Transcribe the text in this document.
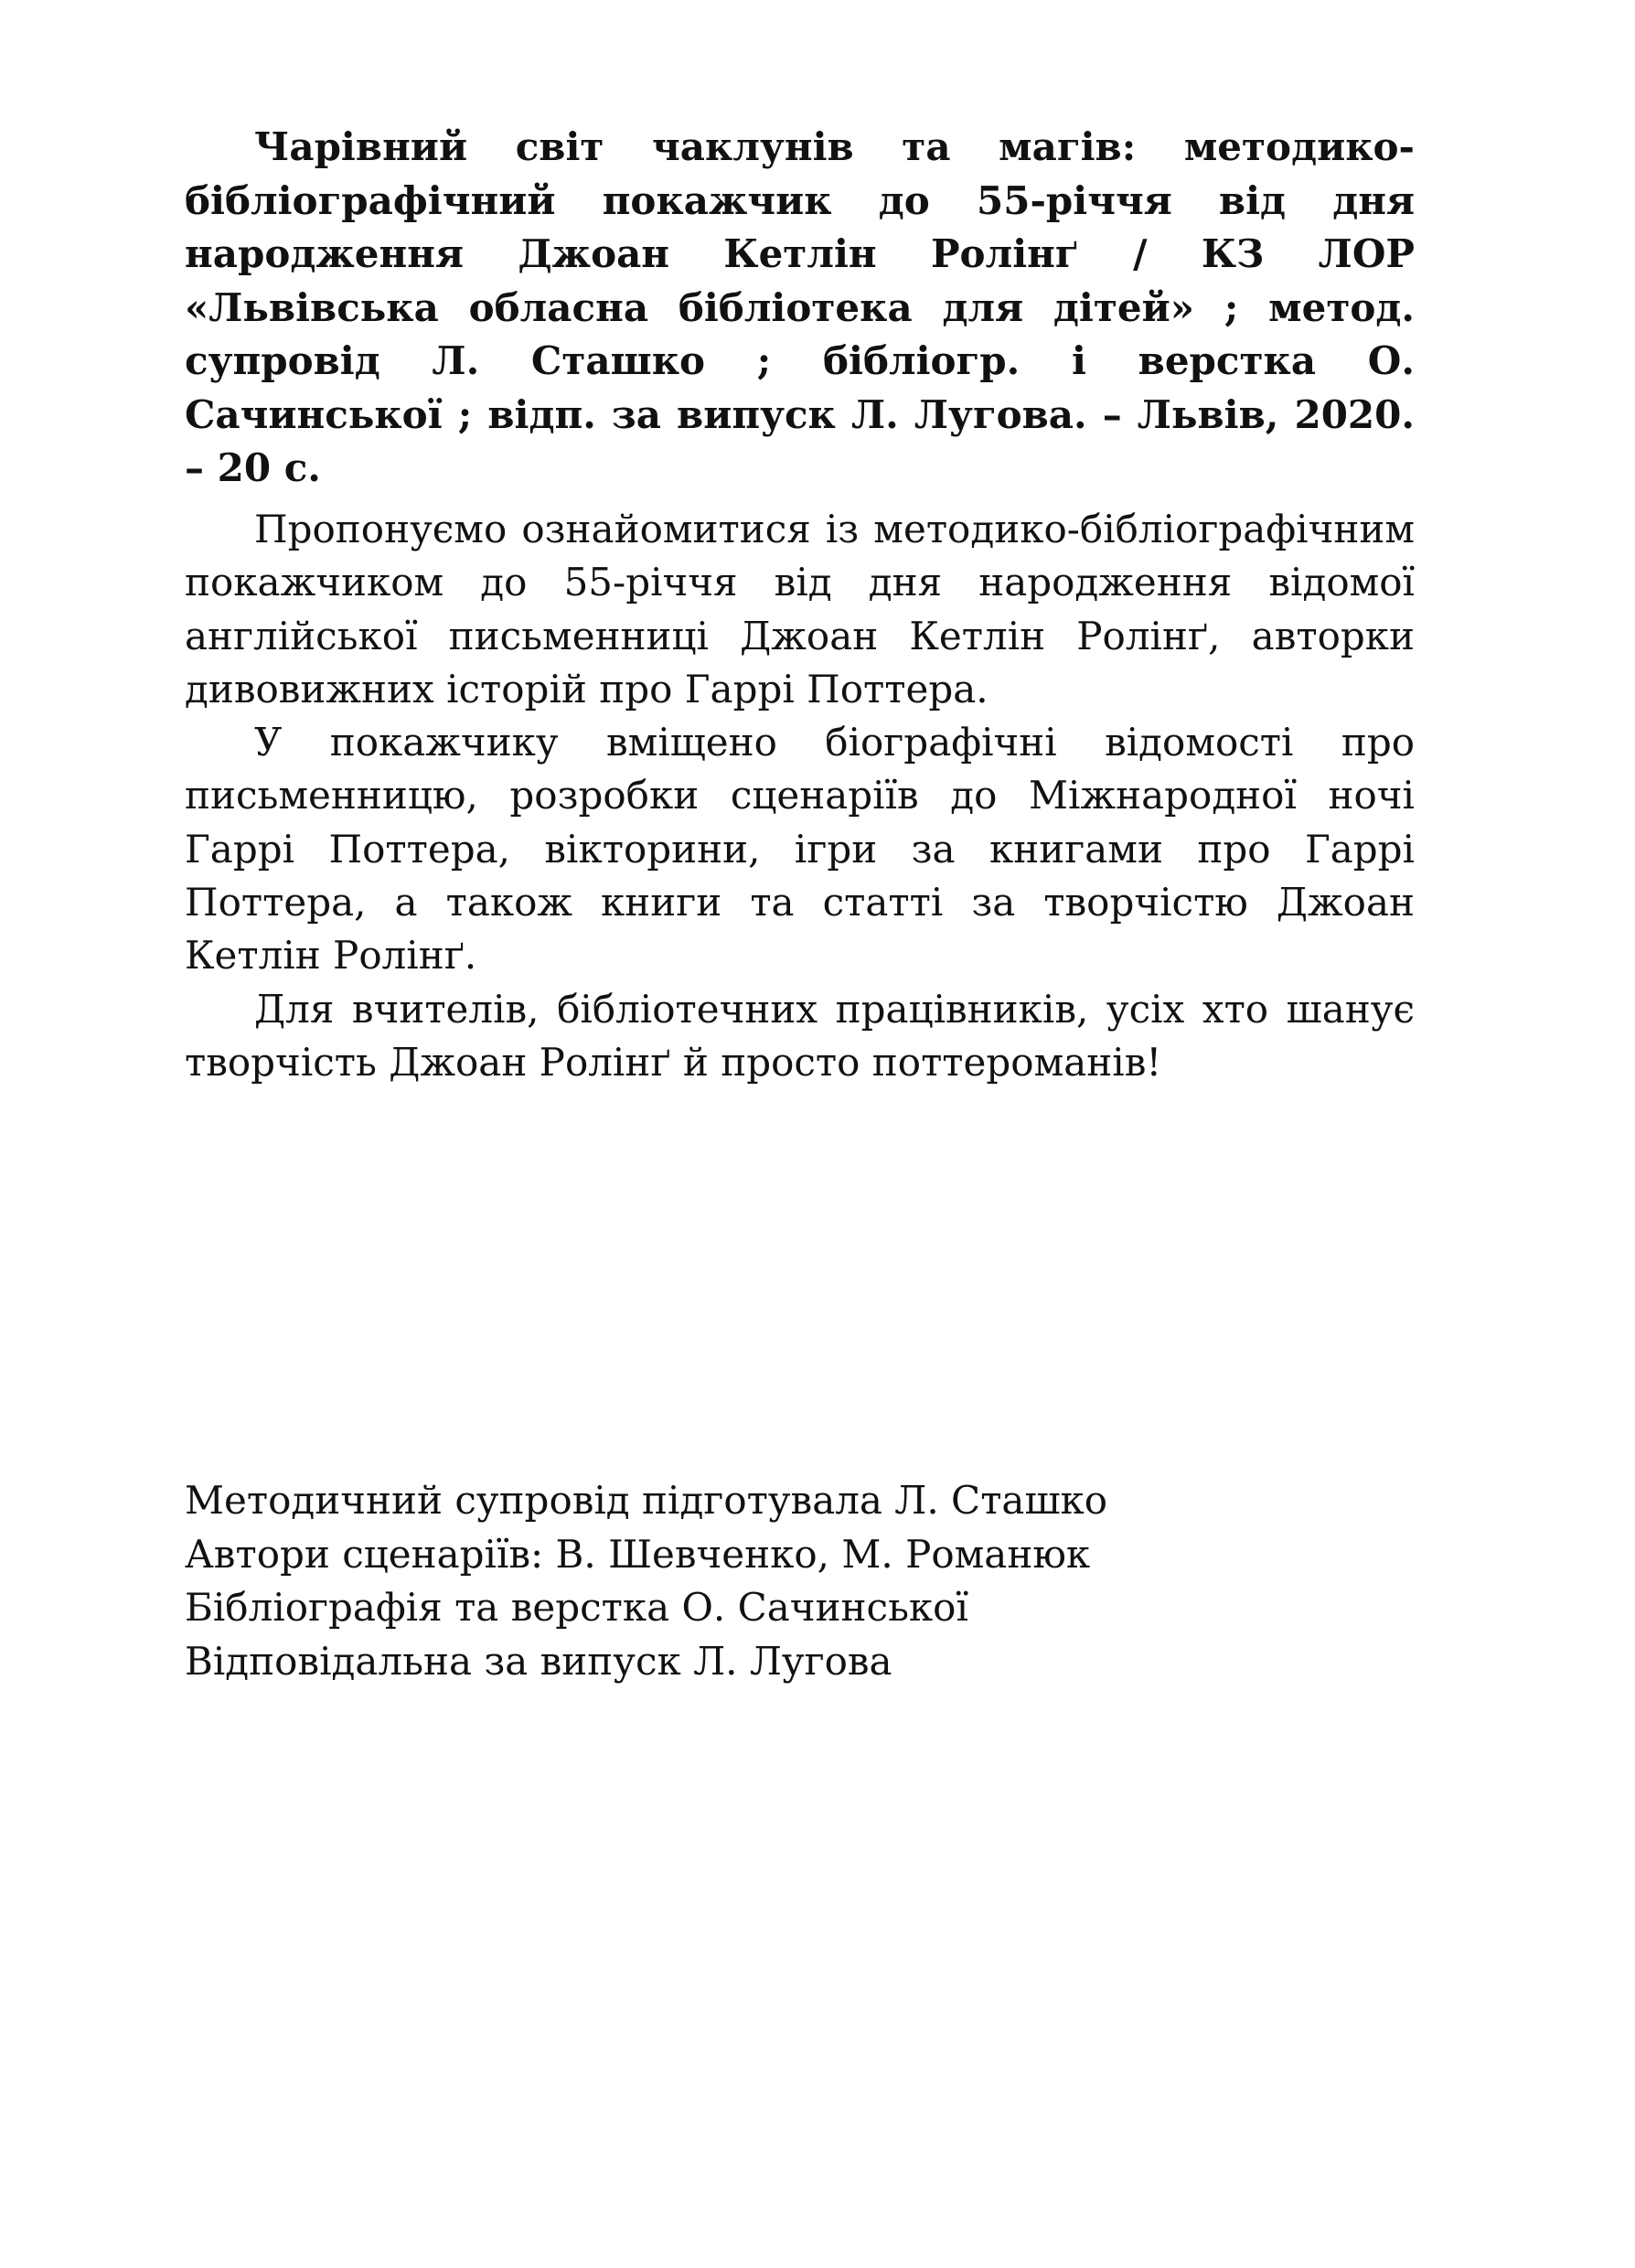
Чарівний світ чаклунів та магів: методико-бібліографічний покажчик до 55-річчя від дня народження Джоан Кетлін Ролінґ / КЗ ЛОР «Львівська обласна бібліотека для дітей» ; метод. супровід Л. Сташко ; бібліогр. і верстка О. Сачинської ; відп. за випуск Л. Лугова. – Львів, 2020. – 20 с.

Пропонуємо ознайомитися із методико-бібліографічним покажчиком до 55-річчя від дня народження відомої англійської письменниці Джоан Кетлін Ролінґ, авторки дивовижних історій про Гаррі Поттера.

У покажчику вміщено біографічні відомості про письменницю, розробки сценаріїв до Міжнародної ночі Гаррі Поттера, вікторини, ігри за книгами про Гаррі Поттера, а також книги та статті за творчістю Джоан Кетлін Ролінґ.

Для вчителів, бібліотечних працівників, усіх хто шанує творчість Джоан Ролінґ й просто поттероманів!

Методичний супровід підготувала Л. Сташко

Автори сценаріїв: В. Шевченко, М. Романюк

Бібліографія та верстка О. Сачинської

Відповідальна за випуск Л. Лугова
